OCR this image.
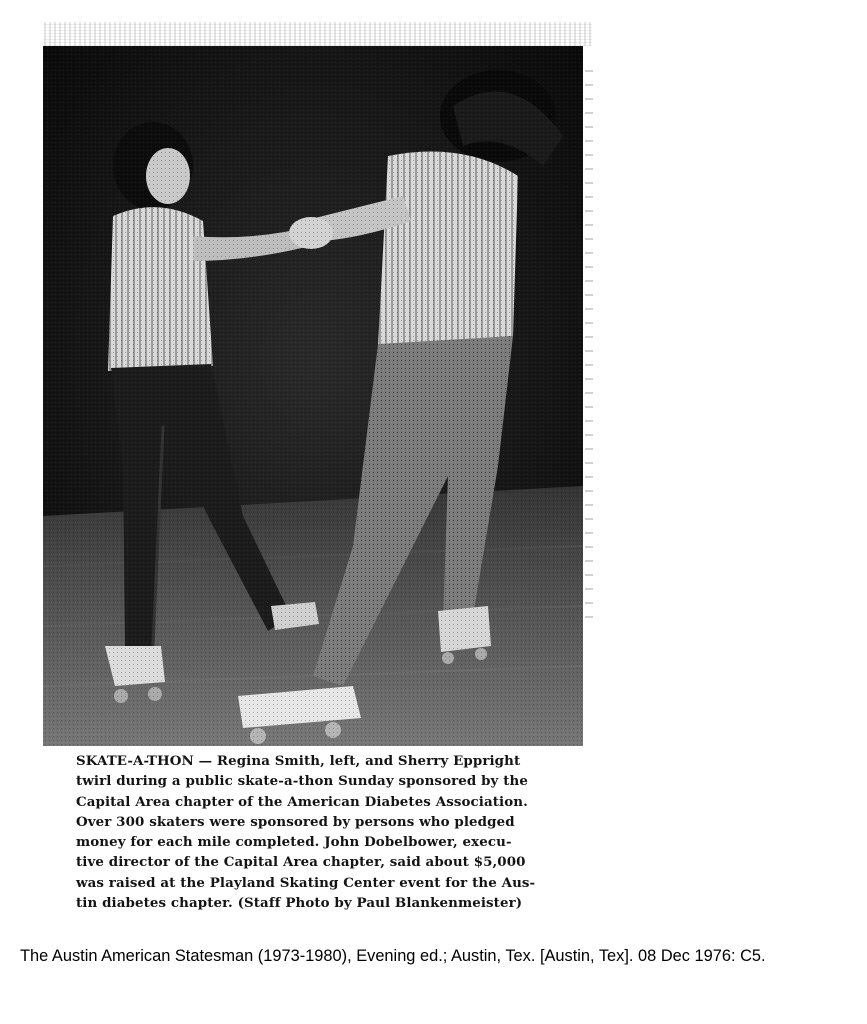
SKATE-A-THON — Regina Smith, left, and Sherry Eppright
twirl during a public skate-a-thon Sunday sponsored by the
Capital Area chapter of the American Diabetes Association.
Over 300 skaters were sponsored by persons who pledged
money for each mile completed. John Dobelbower, execu-
tive director of the Capital Area chapter, said about $5,000
was raised at the Playland Skating Center event for the Aus-
tin diabetes chapter. (Staff Photo by Paul Blankenmeister)

The Austin American Statesman (1973-1980), Evening ed.; Austin, Tex. [Austin, Tex]. 08 Dec 1976: C5.
